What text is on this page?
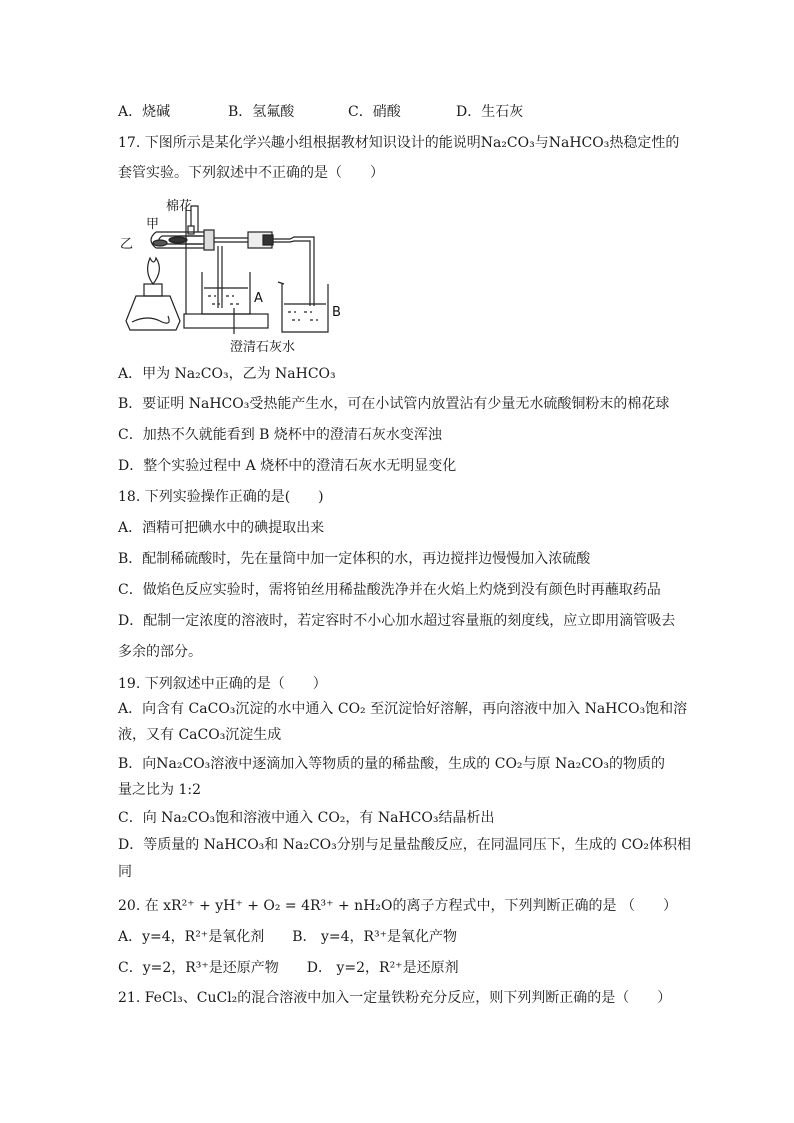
A．烧碱	B．氢氟酸	C．硝酸	D．生石灰
17. 下图所示是某化学兴趣小组根据教材知识设计的能说明Na₂CO₃与NaHCO₃热稳定性的
套管实验。下列叙述中不正确的是（　　）
棉花
甲
乙
A
B
澄清石灰水
A．甲为 Na₂CO₃，乙为 NaHCO₃
B．要证明 NaHCO₃受热能产生水，可在小试管内放置沾有少量无水硫酸铜粉末的棉花球
C．加热不久就能看到 B 烧杯中的澄清石灰水变浑浊
D．整个实验过程中 A 烧杯中的澄清石灰水无明显变化
18. 下列实验操作正确的是(　　)
A．酒精可把碘水中的碘提取出来
B．配制稀硫酸时，先在量筒中加一定体积的水，再边搅拌边慢慢加入浓硫酸
C．做焰色反应实验时，需将铂丝用稀盐酸洗净并在火焰上灼烧到没有颜色时再蘸取药品
D．配制一定浓度的溶液时，若定容时不小心加水超过容量瓶的刻度线，应立即用滴管吸去
多余的部分。
19. 下列叙述中正确的是（　　）
A．向含有 CaCO₃沉淀的水中通入 CO₂ 至沉淀恰好溶解，再向溶液中加入 NaHCO₃饱和溶
液，又有 CaCO₃沉淀生成
B．向Na₂CO₃溶液中逐滴加入等物质的量的稀盐酸，生成的 CO₂与原 Na₂CO₃的物质的
量之比为 1:2
C．向 Na₂CO₃饱和溶液中通入 CO₂，有 NaHCO₃结晶析出
D．等质量的 NaHCO₃和 Na₂CO₃分别与足量盐酸反应，在同温同压下，生成的 CO₂体积相
同
20. 在 xR²⁺ + yH⁺ + O₂ = 4R³⁺ + nH₂O的离子方程式中，下列判断正确的是 （　　）
A．y=4，R²⁺是氧化剂　　B． y=4，R³⁺是氧化产物
C．y=2，R³⁺是还原产物　　D． y=2，R²⁺是还原剂
21. FeCl₃、CuCl₂的混合溶液中加入一定量铁粉充分反应，则下列判断正确的是（　　）
